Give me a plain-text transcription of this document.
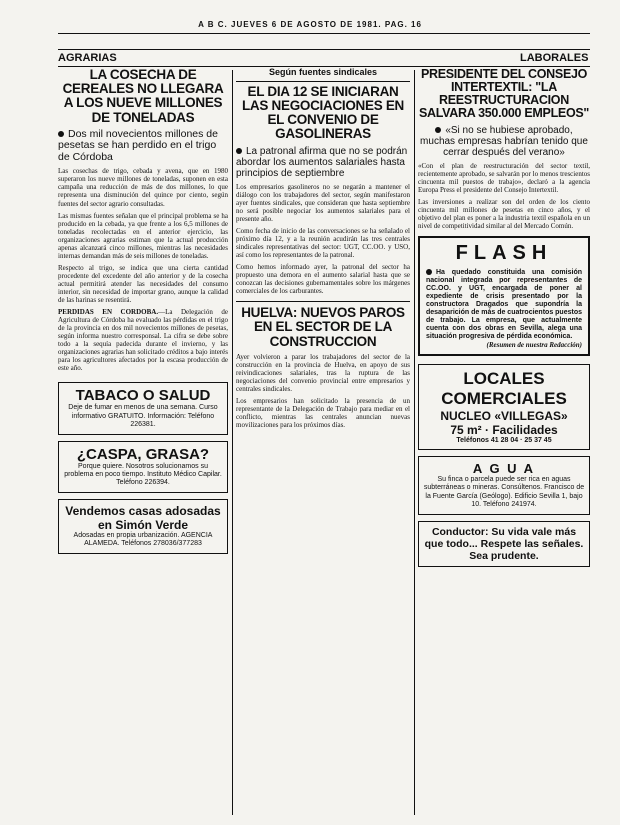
A B C. JUEVES 6 DE AGOSTO DE 1981. PAG. 16
AGRARIAS	LABORALES
LA COSECHA DE CEREALES NO LLEGARA A LOS NUEVE MILLONES DE TONELADAS
Dos mil novecientos millones de pesetas se han perdido en el trigo de Córdoba

Las cosechas de trigo, cebada y avena, que en 1980 superaron los nueve millones de toneladas, suponen en esta campaña una reducción de más de dos millones, lo que representa una disminución del quince por ciento, según fuentes del sector agrario consultadas.

Las mismas fuentes señalan que el principal problema se ha producido en la cebada, ya que frente a los 6,5 millones de toneladas recolectadas en el anterior ejercicio, las organizaciones agrarias estiman que la actual producción apenas alcanzará cinco millones, mientras las necesidades internas demandan más de seis millones de toneladas.

Respecto al trigo, se indica que una cierta cantidad procedente del excedente del año anterior y de la cosecha actual permitirá atender las necesidades del consumo interior, sin necesidad de importar grano, aunque la calidad de las harinas se resentirá.

PERDIDAS EN CORDOBA.—La Delegación de Agricultura de Córdoba ha evaluado las pérdidas en el trigo de la provincia en dos mil novecientos millones de pesetas, según informa nuestro corresponsal. La cifra se debe sobre todo a la sequía padecida durante el invierno, y las organizaciones agrarias han solicitado créditos a bajo interés para los agricultores afectados por la escasa producción de este año.

TABACO O SALUD
Deje de fumar en menos de una semana. Curso informativo GRATUITO. Información: Teléfono 226381.
¿CASPA, GRASA?
Porque quiere. Nosotros solucionamos su problema en poco tiempo. Instituto Médico Capilar. Teléfono 226394.
Vendemos casas adosadas en Simón Verde
Adosadas en propia urbanización. AGENCIA ALAMEDA. Teléfonos 278036/377283
Según fuentes sindicales
EL DIA 12 SE INICIARAN LAS NEGOCIACIONES EN EL CONVENIO DE GASOLINERAS
La patronal afirma que no se podrán abordar los aumentos salariales hasta principios de septiembre

Los empresarios gasolineros no se negarán a mantener el diálogo con los trabajadores del sector, según manifestaron ayer fuentes sindicales, que consideran que hasta septiembre no será posible negociar los aumentos salariales para el presente año.

Como fecha de inicio de las conversaciones se ha señalado el próximo día 12, y a la reunión acudirán las tres centrales sindicales representativas del sector: UGT, CC.OO. y USO, así como los representantes de la patronal.

Como hemos informado ayer, la patronal del sector ha propuesto una demora en el aumento salarial hasta que se conozcan las decisiones gubernamentales sobre los márgenes comerciales de los carburantes.

HUELVA: NUEVOS PAROS EN EL SECTOR DE LA CONSTRUCCION

Ayer volvieron a parar los trabajadores del sector de la construcción en la provincia de Huelva, en apoyo de sus reivindicaciones salariales, tras la ruptura de las negociaciones del convenio provincial entre empresarios y centrales sindicales.

Los empresarios han solicitado la presencia de un representante de la Delegación de Trabajo para mediar en el conflicto, mientras las centrales anuncian nuevas movilizaciones para los próximos días.

PRESIDENTE DEL CONSEJO INTERTEXTIL: "LA REESTRUCTURACION SALVARA 350.000 EMPLEOS"
«Si no se hubiese aprobado, muchas empresas habrían tenido que cerrar después del verano»

«Con el plan de reestructuración del sector textil, recientemente aprobado, se salvarán por lo menos trescientos cincuenta mil puestos de trabajo», declaró a la agencia Europa Press el presidente del Consejo Intertextil.

Las inversiones a realizar son del orden de los ciento cincuenta mil millones de pesetas en cinco años, y el objetivo del plan es poner a la industria textil española en un nivel de competitividad similar al del Mercado Común.

FLASH

Ha quedado constituida una comisión nacional integrada por representantes de CC.OO. y UGT, encargada de poner al expediente de crisis presentado por la constructora Dragados que supondría la desaparición de más de cuatrocientos puestos de trabajo. La empresa, que actualmente cuenta con dos obras en Sevilla, alega una situación progresiva de pérdida económica.

(Resumen de nuestra Redacción)
LOCALES COMERCIALES
NUCLEO «VILLEGAS»
75 m² · Facilidades
Teléfonos 41 28 04 · 25 37 45
A G U A
Su finca o parcela puede ser rica en aguas subterráneas o mineras. Consúltenos. Francisco de la Fuente García (Geólogo). Edificio Sevilla 1, bajo 10. Teléfono 241974.
Conductor: Su vida vale más que todo... Respete las señales. Sea prudente.
